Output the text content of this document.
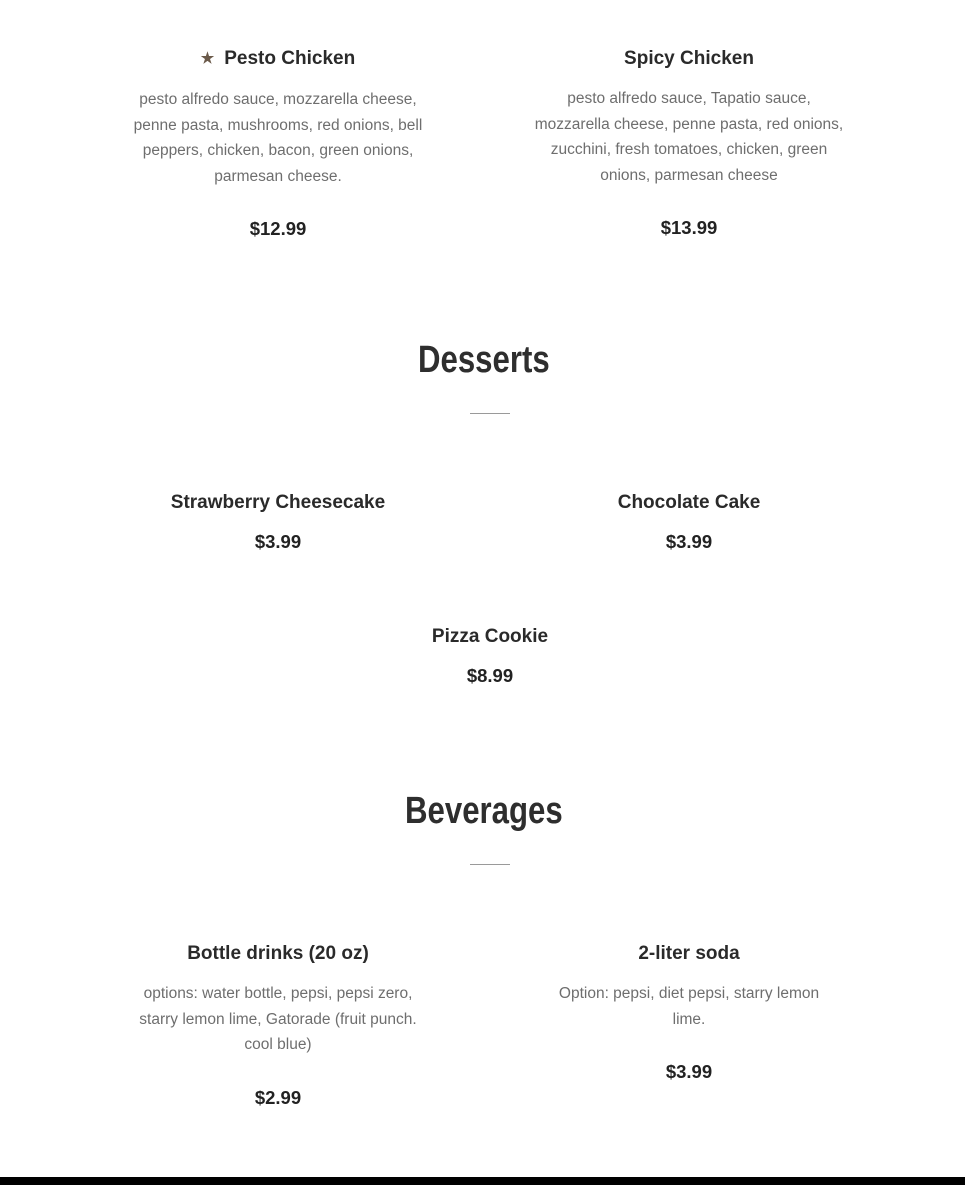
★ Pesto Chicken
pesto alfredo sauce, mozzarella cheese, penne pasta, mushrooms, red onions, bell peppers, chicken, bacon, green onions, parmesan cheese.
$12.99
Spicy Chicken
pesto alfredo sauce, Tapatio sauce, mozzarella cheese, penne pasta, red onions, zucchini, fresh tomatoes, chicken, green onions, parmesan cheese
$13.99
Desserts
Strawberry Cheesecake
$3.99
Chocolate Cake
$3.99
Pizza Cookie
$8.99
Beverages
Bottle drinks (20 oz)
options: water bottle, pepsi, pepsi zero, starry lemon lime, Gatorade (fruit punch. cool blue)
$2.99
2-liter soda
Option: pepsi, diet pepsi, starry lemon lime.
$3.99
